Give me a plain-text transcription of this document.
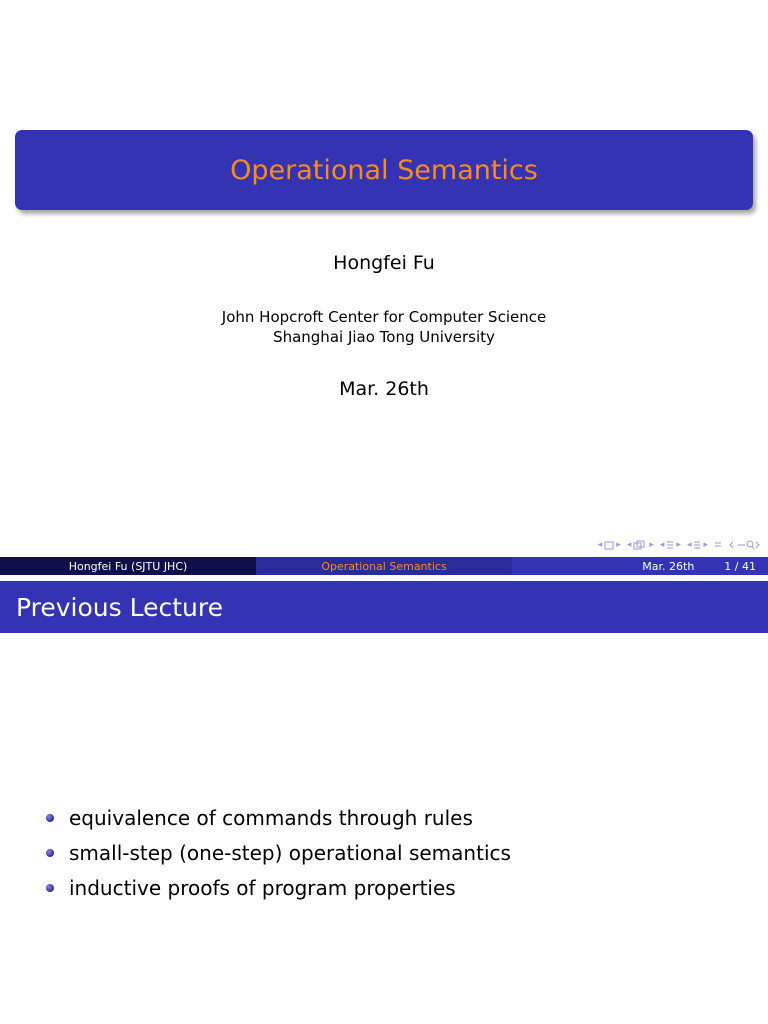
Operational Semantics
Hongfei Fu
John Hopcroft Center for Computer Science
Shanghai Jiao Tong University
Mar. 26th
◂ ▸ ◂ ▸ ◂ ▸ ◂ ▸
Hongfei Fu (SJTU JHC)	Operational Semantics	Mar. 26th	1 / 41
Previous Lecture
equivalence of commands through rules
small-step (one-step) operational semantics
inductive proofs of program properties
